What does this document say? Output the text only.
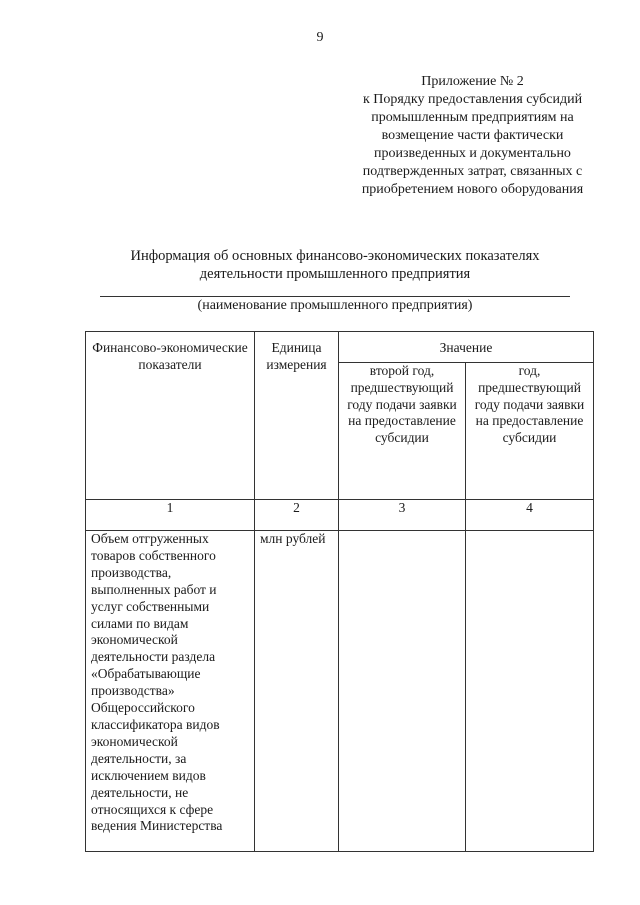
9
Приложение № 2
к Порядку предоставления субсидий
промышленным предприятиям на
возмещение части фактически
произведенных и документально
подтвержденных затрат, связанных с
приобретением нового оборудования
Информация об основных финансово-экономических показателях
деятельности промышленного предприятия
(наименование промышленного предприятия)
Финансово-экономические показатели	Единица измерения	Значение	
		второй год, предшествующий году подачи заявки на предоставление субсидии	год, предшествующий году подачи заявки на предоставление субсидии
1	2	3	4
Объем отгруженных товаров собственного производства, выполненных работ и услуг собственными силами по видам экономической деятельности раздела «Обрабатывающие производства» Общероссийского классификатора видов экономической деятельности, за исключением видов деятельности, не относящихся к сфере ведения Министерства	млн рублей		
